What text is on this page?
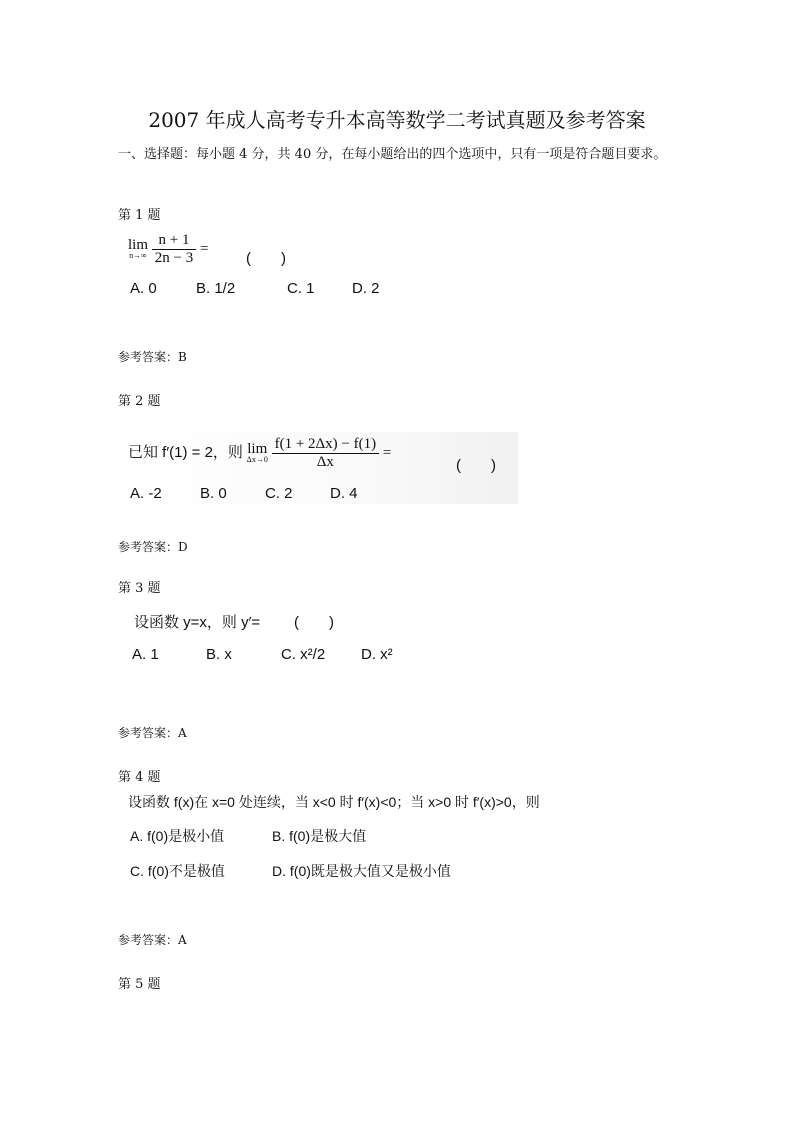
2007 年成人高考专升本高等数学二考试真题及参考答案
一、选择题：每小题 4 分，共 40 分，在每小题给出的四个选项中，只有一项是符合题目要求。
第 1 题
lim
n→∞
$\frac{n + 1}{2n - 3}$ =
(　　)
A. 0	B. 1/2	C. 1 D. 2
参考答案：B
第 2 题
已知 f′(1) = 2，则 lim
Δx→0
$\frac{f(1 + 2\Delta x) - f(1)}{\Delta x}$ =
(　　)
A. -2	B. 0	C. 2 D. 4
参考答案：D
第 3 题
设函数 y=x，则 y′= (　　)
A. 1	B. x	C. x²/2 D. x²
参考答案：A
第 4 题
设函数 f(x)在 x=0 处连续，当 x<0 时 f′(x)<0；当 x>0 时 f′(x)>0，则
A. f(0)是极小值	B. f(0)是极大值
C. f(0)不是极值	D. f(0)既是极大值又是极小值
参考答案：A
第 5 题
